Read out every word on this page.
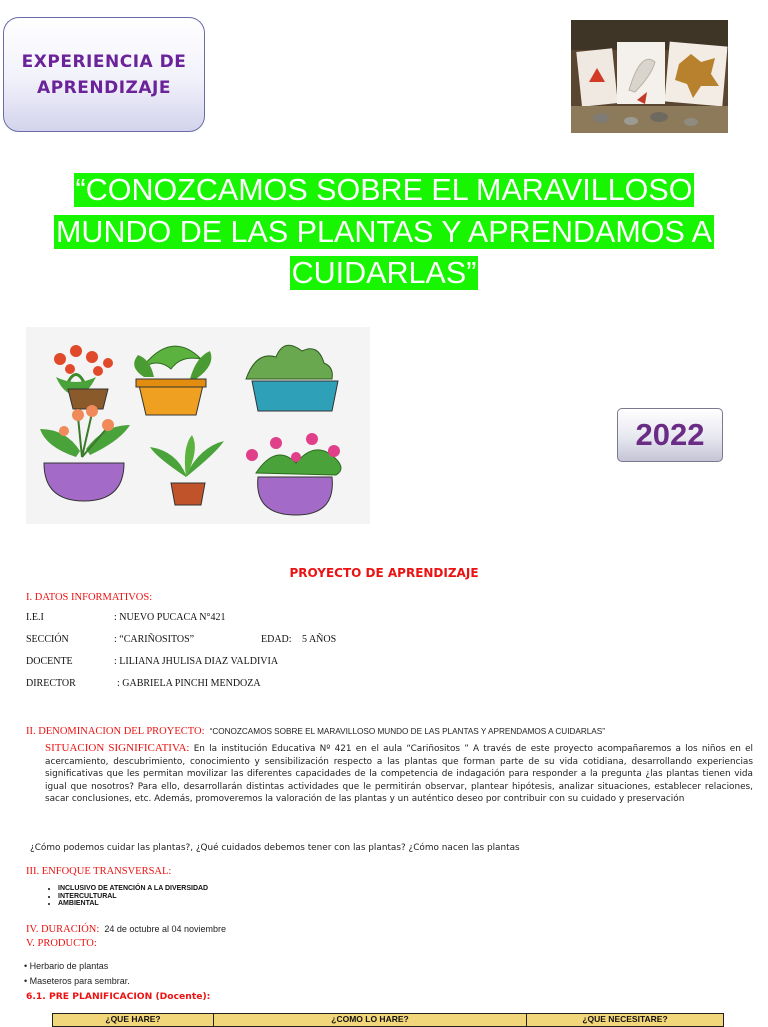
EXPERIENCIA DE
APRENDIZAJE
“CONOZCAMOS SOBRE EL MARAVILLOSO
MUNDO DE LAS PLANTAS Y APRENDAMOS A
CUIDARLAS”
2022
PROYECTO DE APRENDIZAJE
I. DATOS INFORMATIVOS:
I.E.I	: NUEVO PUCACA N°421
SECCIÓN	: “CARIÑOSITOS”	EDAD: 5 AÑOS
DOCENTE	: LILIANA JHULISA DIAZ VALDIVIA
DIRECTOR	: GABRIELA PINCHI MENDOZA
II. DENOMINACION DEL PROYECTO: “CONOZCAMOS SOBRE EL MARAVILLOSO MUNDO DE LAS PLANTAS Y APRENDAMOS A CUIDARLAS”
SITUACION SIGNIFICATIVA: En la institución Educativa Nº 421 en el aula “Cariñositos ” A través de este proyecto acompañaremos a los niños en el acercamiento, descubrimiento, conocimiento y sensibilización respecto a las plantas que forman parte de su vida cotidiana, desarrollando experiencias significativas que les permitan movilizar las diferentes capacidades de la competencia de indagación para responder a la pregunta ¿las plantas tienen vida igual que nosotros? Para ello, desarrollarán distintas actividades que le permitirán observar, plantear hipótesis, analizar situaciones, establecer relaciones, sacar conclusiones, etc. Además, promoveremos la valoración de las plantas y un auténtico deseo por contribuir con su cuidado y preservación
¿Cómo podemos cuidar las plantas?, ¿Qué cuidados debemos tener con las plantas? ¿Cómo nacen las plantas
III. ENFOQUE TRANSVERSAL:
• INCLUSIVO DE ATENCIÓN A LA DIVERSIDAD
• INTERCULTURAL
• AMBIENTAL
IV. DURACIÓN: 24 de octubre al 04 noviembre
V. PRODUCTO:
• Herbario de plantas
• Maseteros para sembrar.
6.1. PRE PLANIFICACION (Docente):
¿QUE HARE?	¿COMO LO HARE?	¿QUE NECESITARE?
